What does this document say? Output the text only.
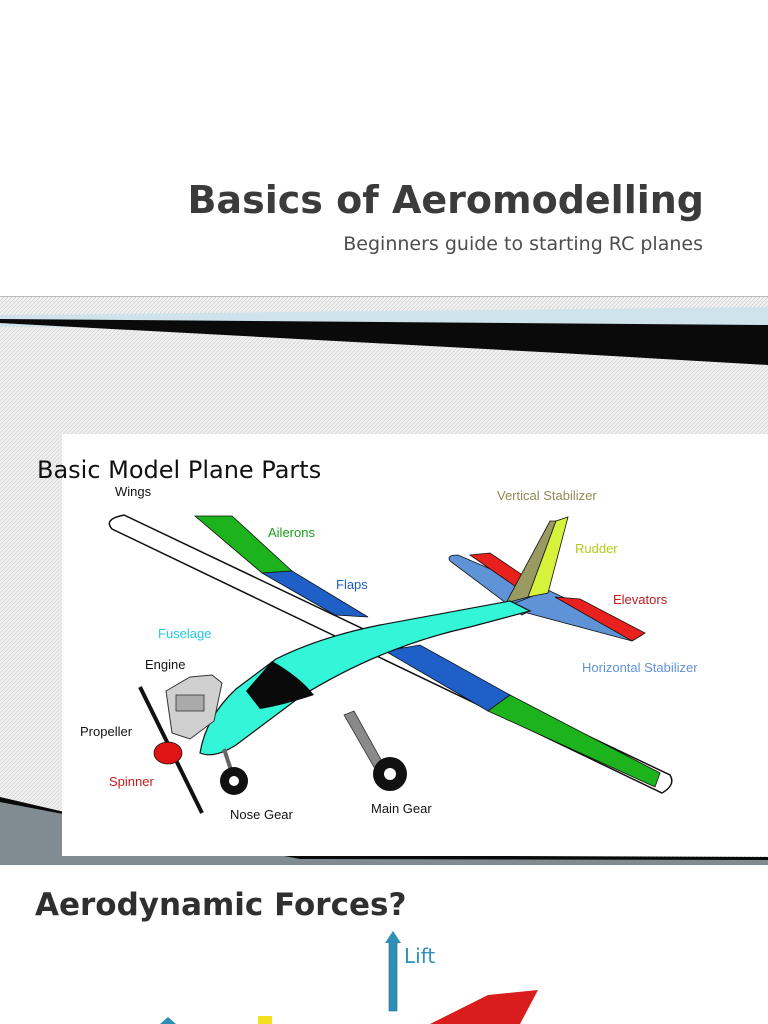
Basics of Aeromodelling
Beginners guide to starting RC planes
Basic Model Plane Parts
Wings	Vertical Stabilizer
Ailerons
Rudder
Flaps
Elevators
Fuselage
Horizontal Stabilizer
Engine
Propeller
Spinner
Nose Gear	Main Gear
Aerodynamic Forces?
Lift
